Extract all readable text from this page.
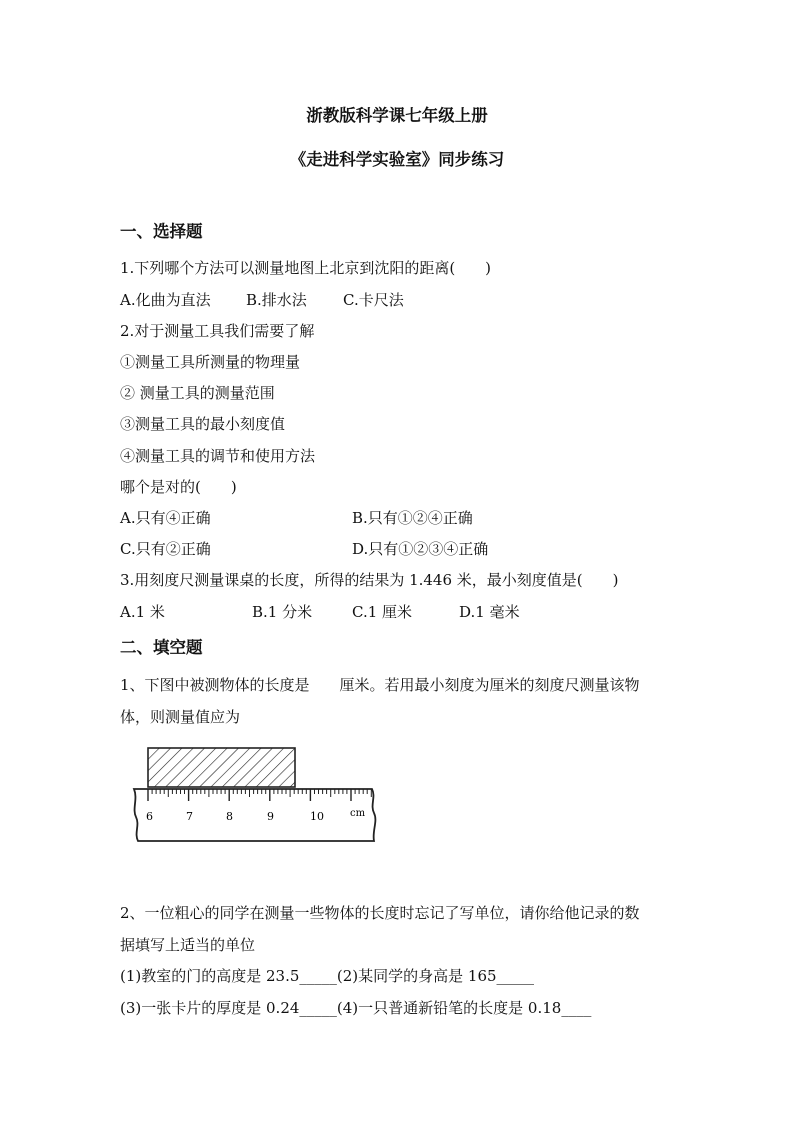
浙教版科学课七年级上册
《走进科学实验室》同步练习
一、选择题
1.下列哪个方法可以测量地图上北京到沈阳的距离(　　)
A.化曲为直法 B.排水法 C.卡尺法
2.对于测量工具我们需要了解
①测量工具所测量的物理量
② 测量工具的测量范围
③测量工具的最小刻度值
④测量工具的调节和使用方法
哪个是对的(　　)
A.只有④正确	B.只有①②④正确
C.只有②正确	D.只有①②③④正确
3.用刻度尺测量课桌的长度，所得的结果为 1.446 米，最小刻度值是(　　)
A.1 米	B.1 分米	C.1 厘米	D.1 毫米
二、填空题
1、下图中被测物体的长度是　　厘米。若用最小刻度为厘米的刻度尺测量该物
体，则测量值应为
6	7	8	9	10	cm
2、一位粗心的同学在测量一些物体的长度时忘记了写单位，请你给他记录的数
据填写上适当的单位
(1)教室的门的高度是 23.5_____(2)某同学的身高是 165_____
(3)一张卡片的厚度是 0.24_____(4)一只普通新铅笔的长度是 0.18____
